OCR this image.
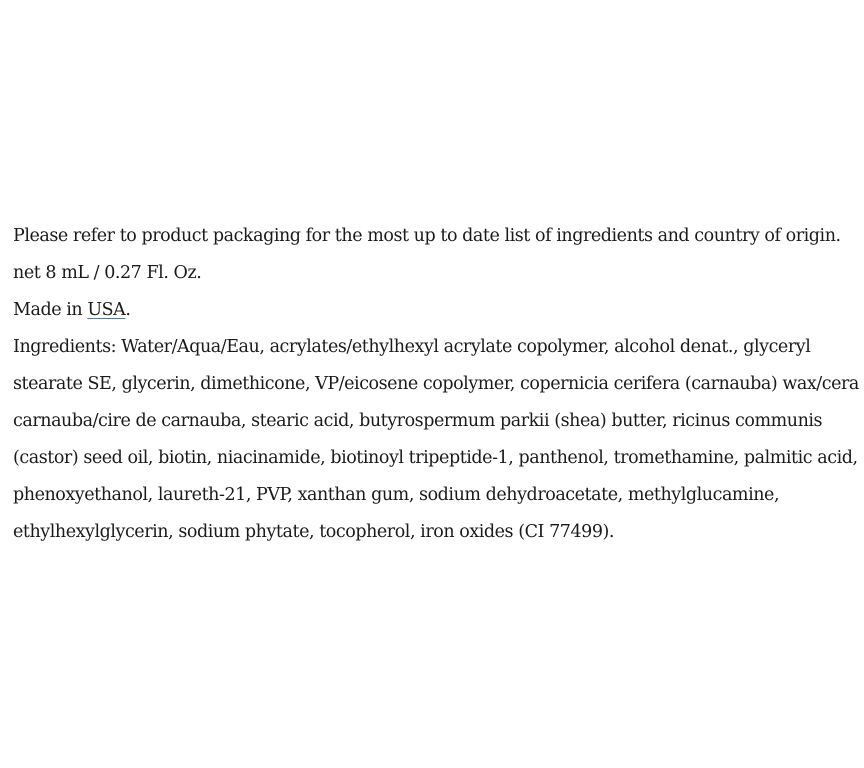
Please refer to product packaging for the most up to date list of ingredients and country of origin.

net 8 mL / 0.27 Fl. Oz.

Made in USA.

Ingredients: Water/Aqua/Eau, acrylates/ethylhexyl acrylate copolymer, alcohol denat., glyceryl stearate SE, glycerin, dimethicone, VP/eicosene copolymer, copernicia cerifera (carnauba) wax/cera carnauba/cire de carnauba, stearic acid, butyrospermum parkii (shea) butter, ricinus communis (castor) seed oil, biotin, niacinamide, biotinoyl tripeptide-1, panthenol, tromethamine, palmitic acid, phenoxyethanol, laureth-21, PVP, xanthan gum, sodium dehydroacetate, methylglucamine, ethylhexylglycerin, sodium phytate, tocopherol, iron oxides (CI 77499).
